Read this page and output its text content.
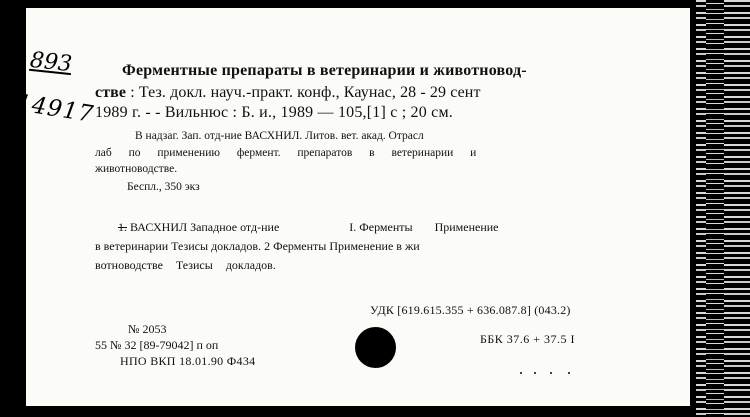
893
14917
Ферментные препараты в ветеринарии и животновод-
стве : Тез. докл. науч.-практ. конф., Каунас, 28 - 29 сент
1989 г. - - Вильнюс : Б. и., 1989 — 105,[1] с ; 20 см.
В надзаг. Зап. отд-ние ВАСХНИЛ. Литов. вет. акад. Отрасл
лаб по применению фермент. препаратов в ветеринарии и
животноводстве.
Беспл., 350 экз
1. ВАСХНИЛ Западное отд-ние	I. Ферменты Применение
в ветеринарии Тезисы докладов. 2 Ферменты Применение в жи
вотноводстве Тезисы докладов.
УДК [619.615.355 + 636.087.8] (043.2)
№ 2053
55 № 32 [89-79042] п оп
НПО ВКП 18.01.90 Ф434
ББК 37.6 + 37.5 I
